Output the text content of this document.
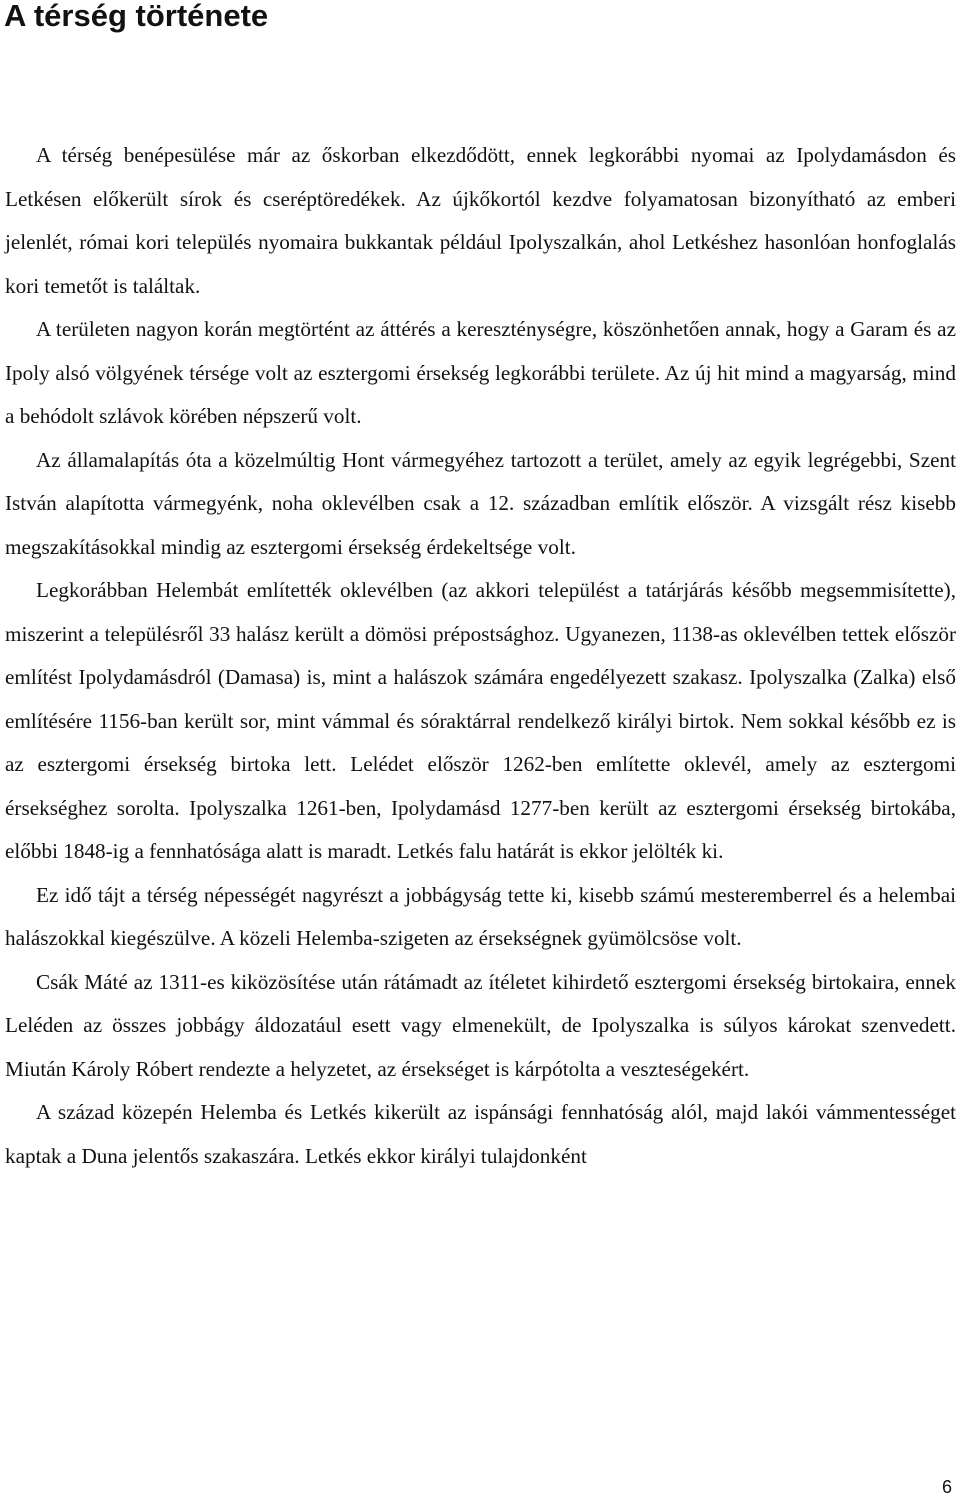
A térség története

A térség benépesülése már az őskorban elkezdődött, ennek legkorábbi nyomai az Ipolydamásdon és Letkésen előkerült sírok és cseréptöredékek. Az újkőkortól kezdve folyamatosan bizonyítható az emberi jelenlét, római kori település nyomaira bukkantak például Ipolyszalkán, ahol Letkéshez hasonlóan honfoglalás kori temetőt is találtak.

A területen nagyon korán megtörtént az áttérés a kereszténységre, köszönhetően annak, hogy a Garam és az Ipoly alsó völgyének térsége volt az esztergomi érsekség legkorábbi területe. Az új hit mind a magyarság, mind a behódolt szlávok körében népszerű volt.

Az államalapítás óta a közelmúltig Hont vármegyéhez tartozott a terület, amely az egyik legrégebbi, Szent István alapította vármegyénk, noha oklevélben csak a 12. században említik először. A vizsgált rész kisebb megszakításokkal mindig az esztergomi érsekség érdekeltsége volt.

Legkorábban Helembát említették oklevélben (az akkori települést a tatárjárás később megsemmisítette), miszerint a településről 33 halász került a dömösi prépostsághoz. Ugyanezen, 1138-as oklevélben tettek először említést Ipolydamásdról (Damasa) is, mint a halászok számára engedélyezett szakasz. Ipolyszalka (Zalka) első említésére 1156-ban került sor, mint vámmal és sóraktárral rendelkező királyi birtok. Nem sokkal később ez is az esztergomi érsekség birtoka lett. Lelédet először 1262-ben említette oklevél, amely az esztergomi érsekséghez sorolta. Ipolyszalka 1261-ben, Ipolydamásd 1277-ben került az esztergomi érsekség birtokába, előbbi 1848-ig a fennhatósága alatt is maradt. Letkés falu határát is ekkor jelölték ki.

Ez idő tájt a térség népességét nagyrészt a jobbágyság tette ki, kisebb számú mesteremberrel és a helembai halászokkal kiegészülve. A közeli Helemba-szigeten az érsekségnek gyümölcsöse volt.

Csák Máté az 1311-es kiközösítése után rátámadt az ítéletet kihirdető esztergomi érsekség birtokaira, ennek Leléden az összes jobbágy áldozatául esett vagy elmenekült, de Ipolyszalka is súlyos károkat szenvedett. Miután Károly Róbert rendezte a helyzetet, az érsekséget is kárpótolta a veszteségekért.

A század közepén Helemba és Letkés kikerült az ispánsági fennhatóság alól, majd lakói vámmentességet kaptak a Duna jelentős szakaszára. Letkés ekkor királyi tulajdonként

6
